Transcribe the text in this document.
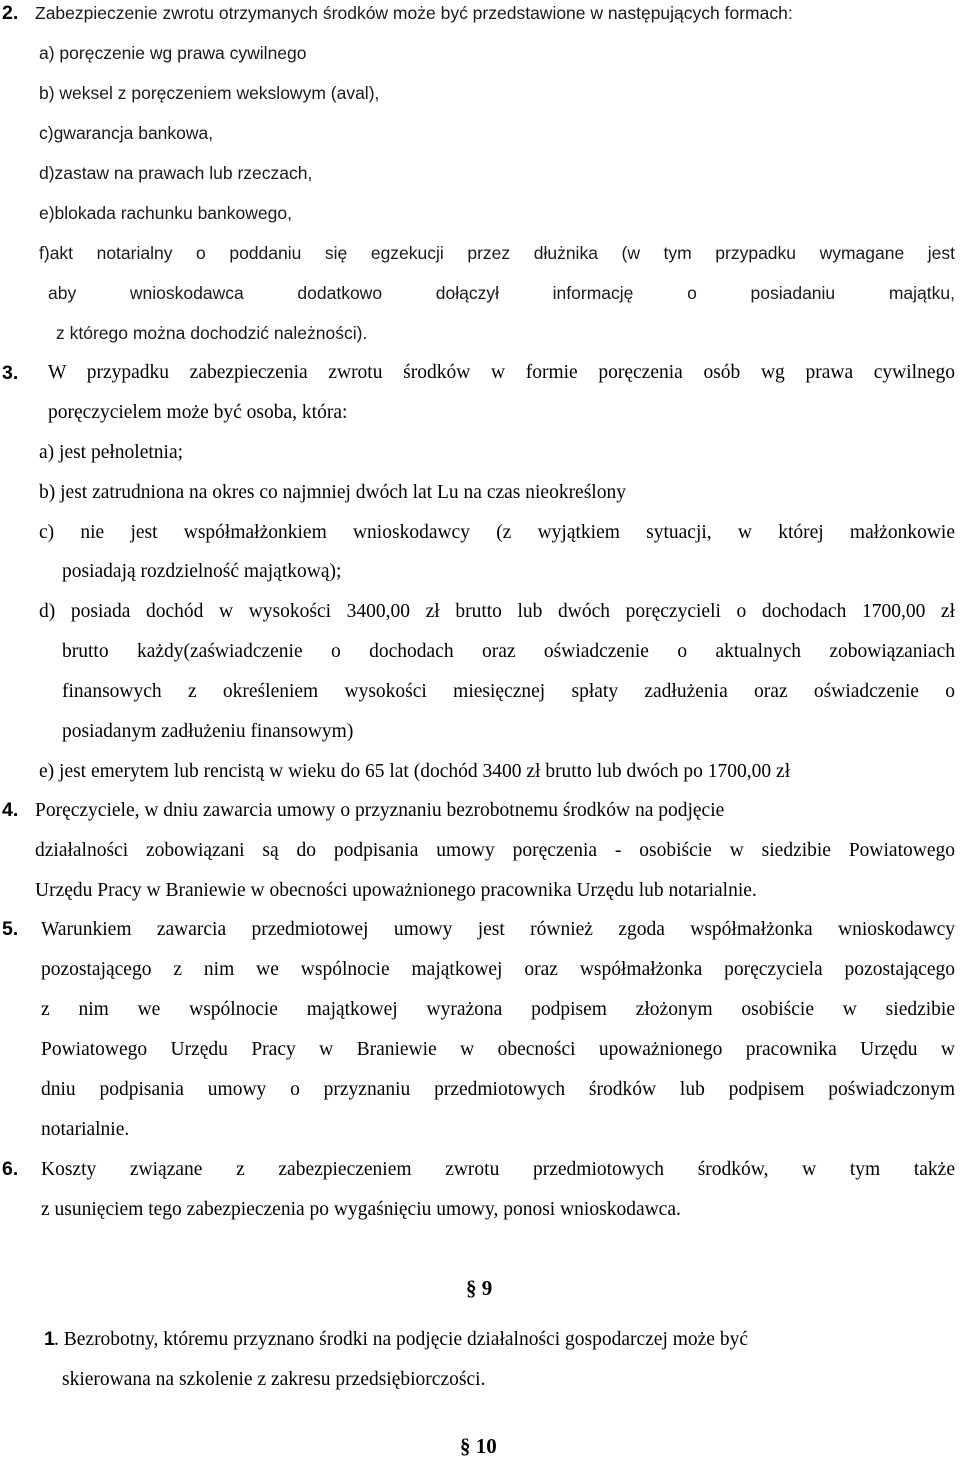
2. Zabezpieczenie zwrotu otrzymanych środków może być przedstawione w następujących formach:
a) poręczenie wg prawa cywilnego
b) weksel z poręczeniem wekslowym (aval),
c)gwarancja bankowa,
d)zastaw na prawach lub rzeczach,
e)blokada rachunku bankowego,
f)akt notarialny o poddaniu się egzekucji przez dłużnika (w tym przypadku wymagane jest
aby wnioskodawca dodatkowo dołączył informację o posiadaniu majątku,
z którego można dochodzić należności).
3. W przypadku zabezpieczenia zwrotu środków w formie poręczenia osób wg prawa cywilnego
poręczycielem może być osoba, która:
a) jest pełnoletnia;
b) jest zatrudniona na okres co najmniej dwóch lat Lu na czas nieokreślony
c) nie jest współmałżonkiem wnioskodawcy (z wyjątkiem sytuacji, w której małżonkowie
posiadają rozdzielność majątkową);
d) posiada dochód w wysokości 3400,00 zł brutto lub dwóch poręczycieli o dochodach 1700,00 zł
brutto każdy(zaświadczenie o dochodach oraz oświadczenie o aktualnych zobowiązaniach
finansowych z określeniem wysokości miesięcznej spłaty zadłużenia oraz oświadczenie o
posiadanym zadłużeniu finansowym)
e) jest emerytem lub rencistą w wieku do 65 lat (dochód 3400 zł brutto lub dwóch po 1700,00 zł
4. Poręczyciele, w dniu zawarcia umowy o przyznaniu bezrobotnemu środków na podjęcie
działalności zobowiązani są do podpisania umowy poręczenia - osobiście w siedzibie Powiatowego
Urzędu Pracy w Braniewie w obecności upoważnionego pracownika Urzędu lub notarialnie.
5. Warunkiem zawarcia przedmiotowej umowy jest również zgoda współmałżonka wnioskodawcy
pozostającego z nim we wspólnocie majątkowej oraz współmałżonka poręczyciela pozostającego
z nim we wspólnocie majątkowej wyrażona podpisem złożonym osobiście w siedzibie
Powiatowego Urzędu Pracy w Braniewie w obecności upoważnionego pracownika Urzędu w
dniu podpisania umowy o przyznaniu przedmiotowych środków lub podpisem poświadczonym
notarialnie.
6. Koszty związane z zabezpieczeniem zwrotu przedmiotowych środków, w tym także
z usunięciem tego zabezpieczenia po wygaśnięciu umowy, ponosi wnioskodawca.
§ 9
1 . Bezrobotny, któremu przyznano środki na podjęcie działalności gospodarczej może być
skierowana na szkolenie z zakresu przedsiębiorczości.
§ 10
